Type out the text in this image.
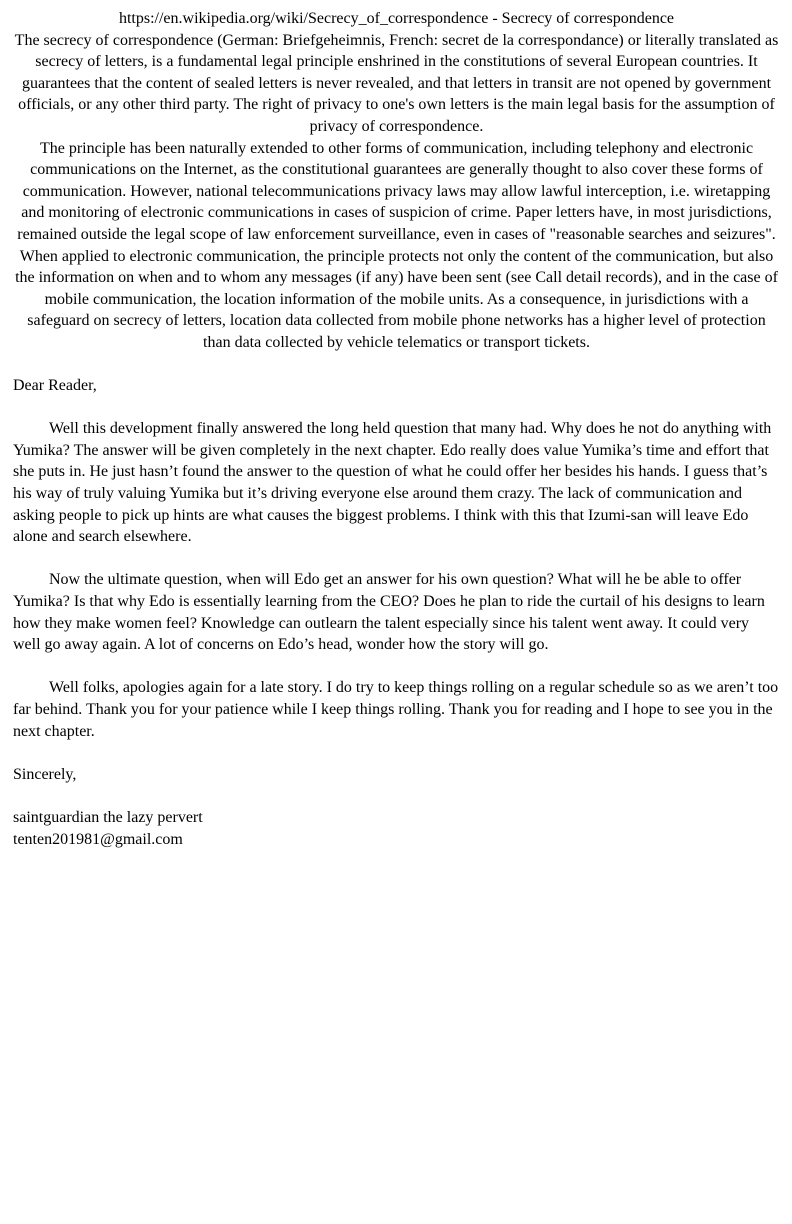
https://en.wikipedia.org/wiki/Secrecy_of_correspondence - Secrecy of correspondence

The secrecy of correspondence (German: Briefgeheimnis, French: secret de la correspondance) or literally translated as secrecy of letters, is a fundamental legal principle enshrined in the constitutions of several European countries. It guarantees that the content of sealed letters is never revealed, and that letters in transit are not opened by government officials, or any other third party. The right of privacy to one's own letters is the main legal basis for the assumption of privacy of correspondence.

The principle has been naturally extended to other forms of communication, including telephony and electronic communications on the Internet, as the constitutional guarantees are generally thought to also cover these forms of communication. However, national telecommunications privacy laws may allow lawful interception, i.e. wiretapping and monitoring of electronic communications in cases of suspicion of crime. Paper letters have, in most jurisdictions, remained outside the legal scope of law enforcement surveillance, even in cases of "reasonable searches and seizures".

When applied to electronic communication, the principle protects not only the content of the communication, but also the information on when and to whom any messages (if any) have been sent (see Call detail records), and in the case of mobile communication, the location information of the mobile units. As a consequence, in jurisdictions with a safeguard on secrecy of letters, location data collected from mobile phone networks has a higher level of protection than data collected by vehicle telematics or transport tickets.

Dear Reader,

Well this development finally answered the long held question that many had. Why does he not do anything with Yumika? The answer will be given completely in the next chapter. Edo really does value Yumika’s time and effort that she puts in. He just hasn’t found the answer to the question of what he could offer her besides his hands. I guess that’s his way of truly valuing Yumika but it’s driving everyone else around them crazy. The lack of communication and asking people to pick up hints are what causes the biggest problems. I think with this that Izumi-san will leave Edo alone and search elsewhere.

Now the ultimate question, when will Edo get an answer for his own question? What will he be able to offer Yumika? Is that why Edo is essentially learning from the CEO? Does he plan to ride the curtail of his designs to learn how they make women feel? Knowledge can outlearn the talent especially since his talent went away. It could very well go away again. A lot of concerns on Edo’s head, wonder how the story will go.

Well folks, apologies again for a late story. I do try to keep things rolling on a regular schedule so as we aren’t too far behind. Thank you for your patience while I keep things rolling. Thank you for reading and I hope to see you in the next chapter.

Sincerely,

saintguardian the lazy pervert

tenten201981@gmail.com
